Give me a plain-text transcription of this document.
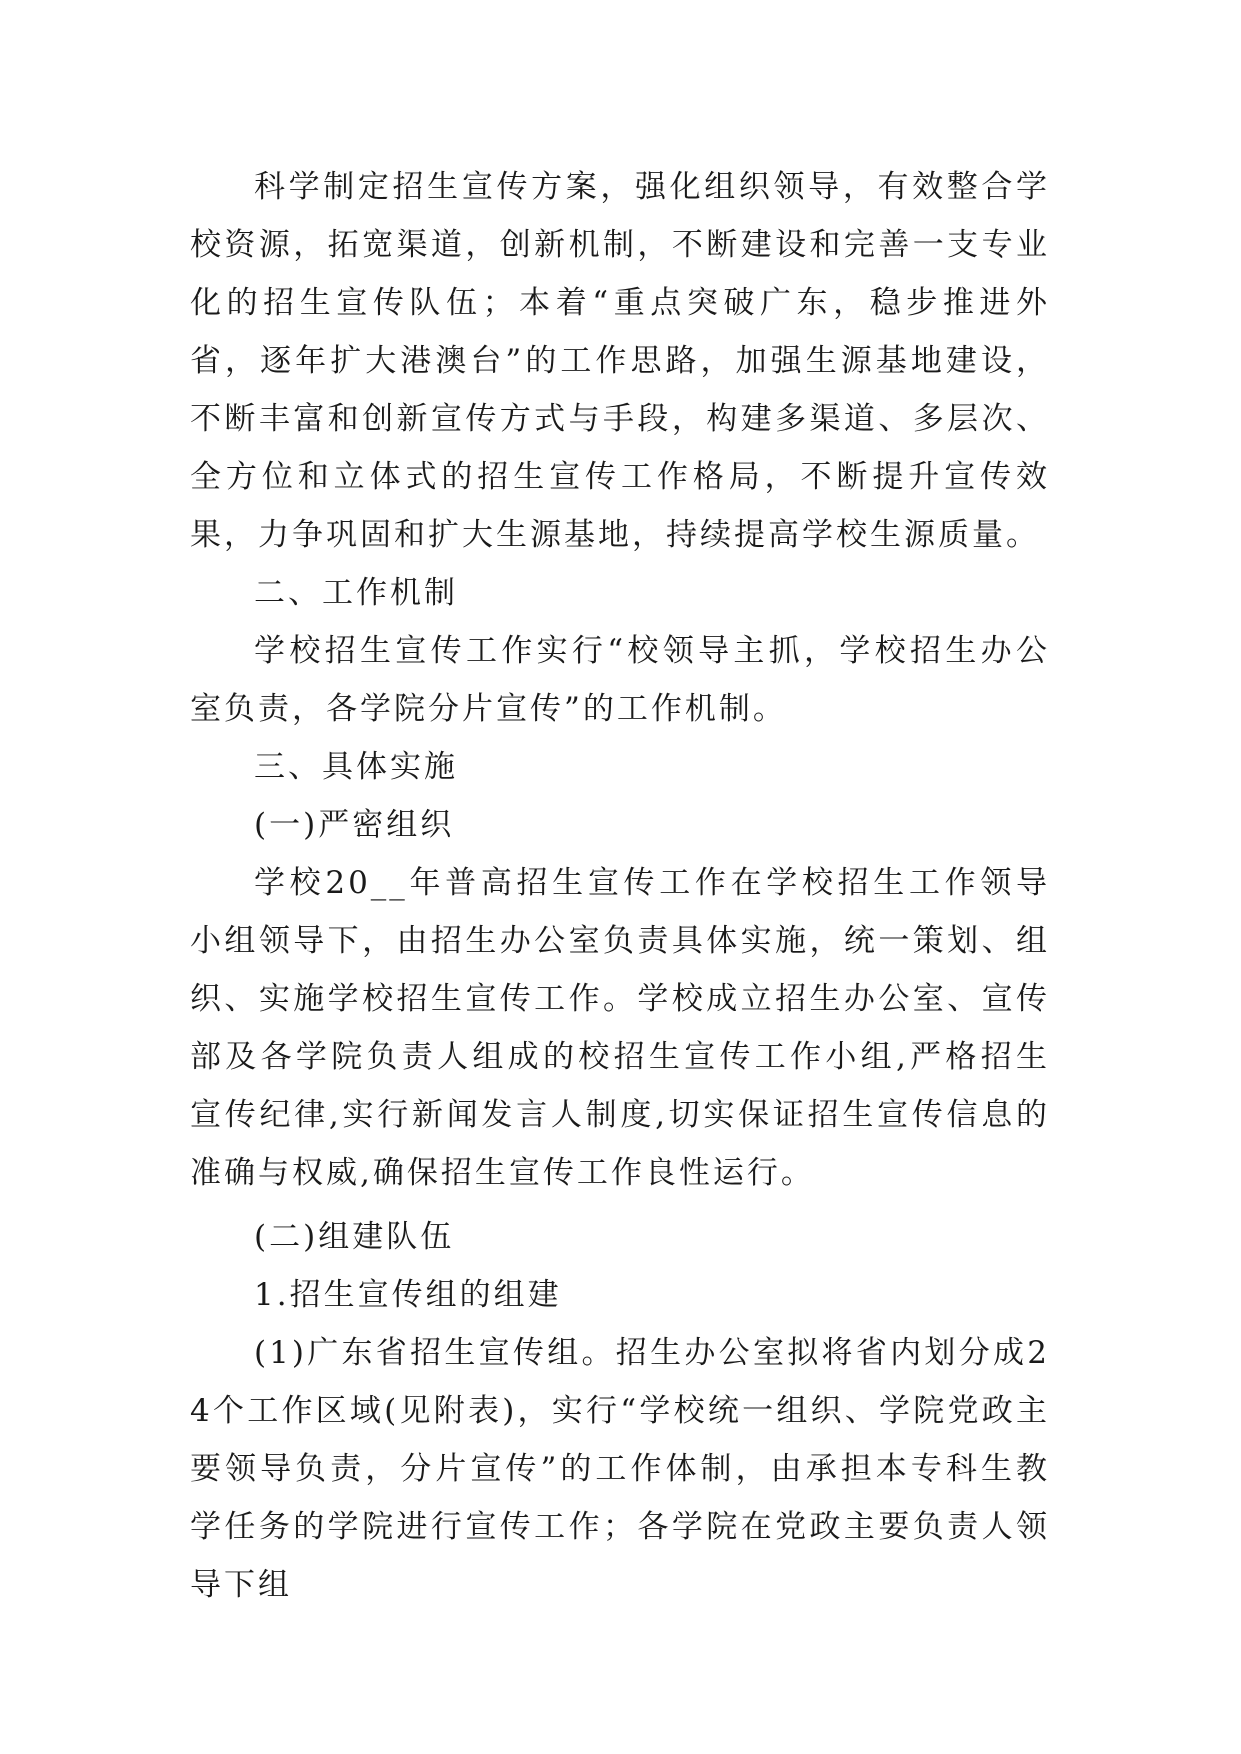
科学制定招生宣传方案，强化组织领导，有效整合学校资源，拓宽渠道，创新机制，不断建设和完善一支专业化的招生宣传队伍；本着“重点突破广东，稳步推进外省，逐年扩大港澳台”的工作思路，加强生源基地建设，不断丰富和创新宣传方式与手段，构建多渠道、多层次、全方位和立体式的招生宣传工作格局，不断提升宣传效果，力争巩固和扩大生源基地，持续提高学校生源质量。

二、工作机制

学校招生宣传工作实行“校领导主抓，学校招生办公室负责，各学院分片宣传”的工作机制。

三、具体实施

(一)严密组织

学校20__年普高招生宣传工作在学校招生工作领导小组领导下，由招生办公室负责具体实施，统一策划、组织、实施学校招生宣传工作。学校成立招生办公室、宣传部及各学院负责人组成的校招生宣传工作小组,严格招生宣传纪律,实行新闻发言人制度,切实保证招生宣传信息的准确与权威,确保招生宣传工作良性运行。

(二)组建队伍

1.招生宣传组的组建

(1)广东省招生宣传组。招生办公室拟将省内划分成24个工作区域(见附表)，实行“学校统一组织、学院党政主要领导负责，分片宣传”的工作体制，由承担本专科生教学任务的学院进行宣传工作；各学院在党政主要负责人领导下组
